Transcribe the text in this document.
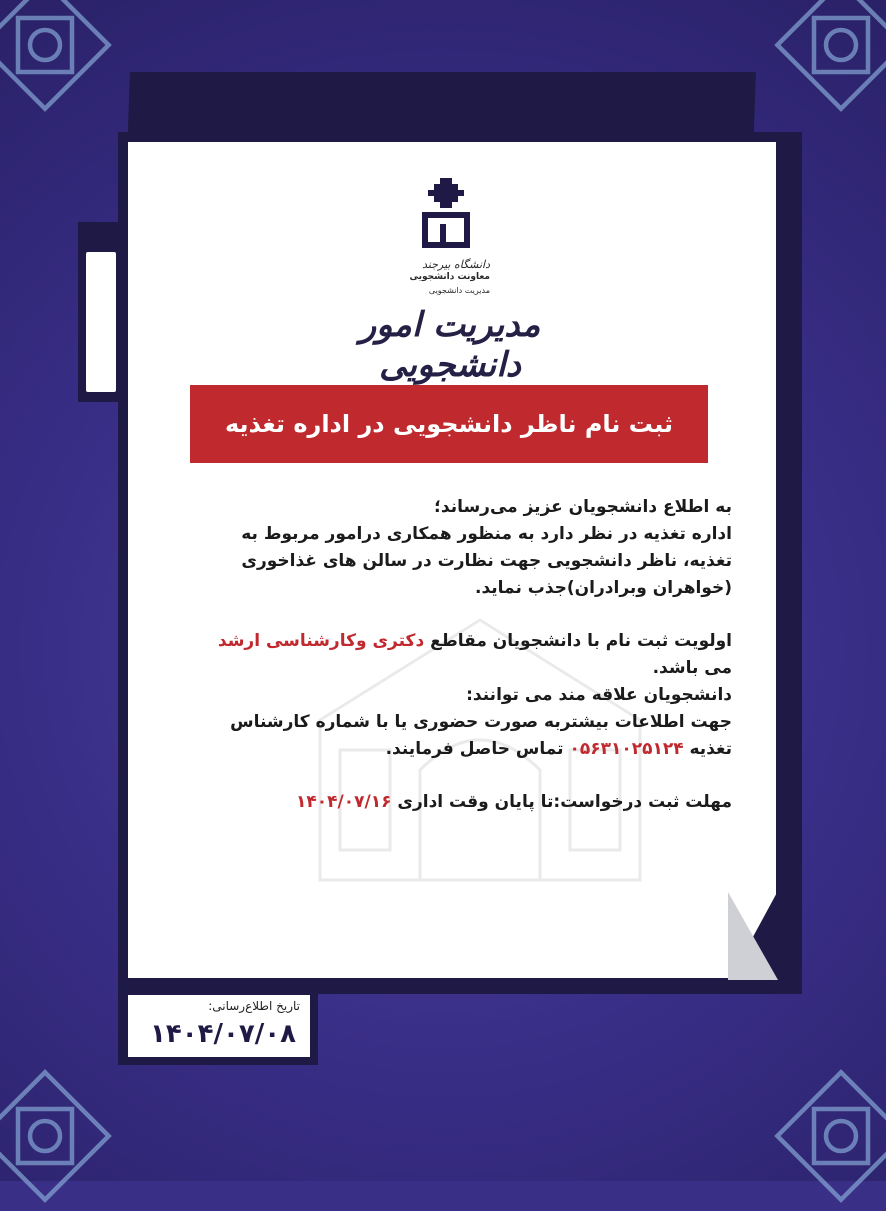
دانشگاه بیرجند
معاونت دانشجویی
مدیریت دانشجویی
مدیریت امور دانشجویی
ثبت نام ناظر دانشجویی در اداره تغذیه

به اطلاع دانشجویان عزیز می‌رساند؛

اداره تغذیه در نظر دارد به منظور همکاری درامور مربوط به

تغذیه، ناظر دانشجویی جهت نظارت در سالن های غذاخوری

(خواهران وبرادران)جذب نماید.

اولویت ثبت نام با دانشجویان مقاطع دکتری وکارشناسی ارشد

می باشد.

دانشجویان علاقه مند می توانند:

جهت اطلاعات بیشتربه صورت حضوری یا با شماره کارشناس

تغذیه ۰۵۶۳۱۰۲۵۱۲۴ تماس حاصل فرمایند.

مهلت ثبت درخواست:تا پایان وقت اداری ۱۴۰۴/۰۷/۱۶

تاریخ اطلاع‌رسانی:
۱۴۰۴/۰۷/۰۸
